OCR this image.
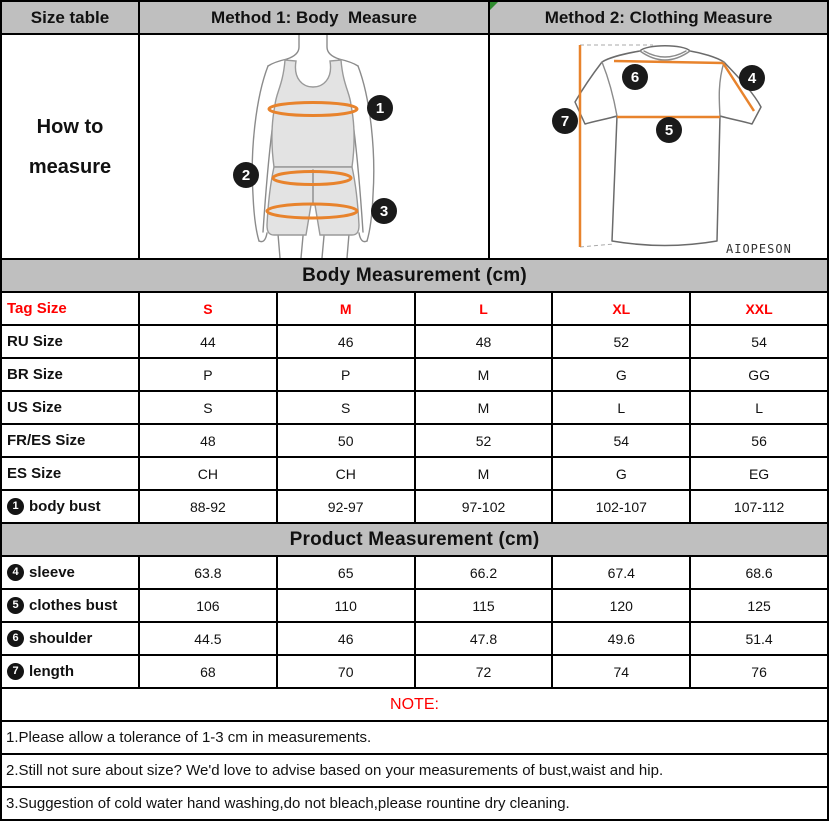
Size table	Method 1: Body  Measure	Method 2: Clothing Measure
How to
measure
1
2
3
6	4
5
7
AIOPESON
Body Measurement (cm)
Tag Size	S	M	L	XL	XXL
RU Size	44	46	48	52	54
BR Size	P	P	M	G	GG
US Size	S	S	M	L	L
FR/ES Size	48	50	52	54	56
ES Size	CH	CH	M	G	EG
1 body bust	88-92	92-97	97-102	102-107	107-112
Product Measurement (cm)
4 sleeve	63.8	65	66.2	67.4	68.6
5 clothes bust	106	110	115	120	125
6 shoulder	44.5	46	47.8	49.6	51.4
7 length	68	70	72	74	76
NOTE:
1.Please allow a tolerance of 1-3 cm in measurements.
2.Still not sure about size? We'd love to advise based on your measurements of bust,waist and hip.
3.Suggestion of cold water hand washing,do not bleach,please rountine dry cleaning.
